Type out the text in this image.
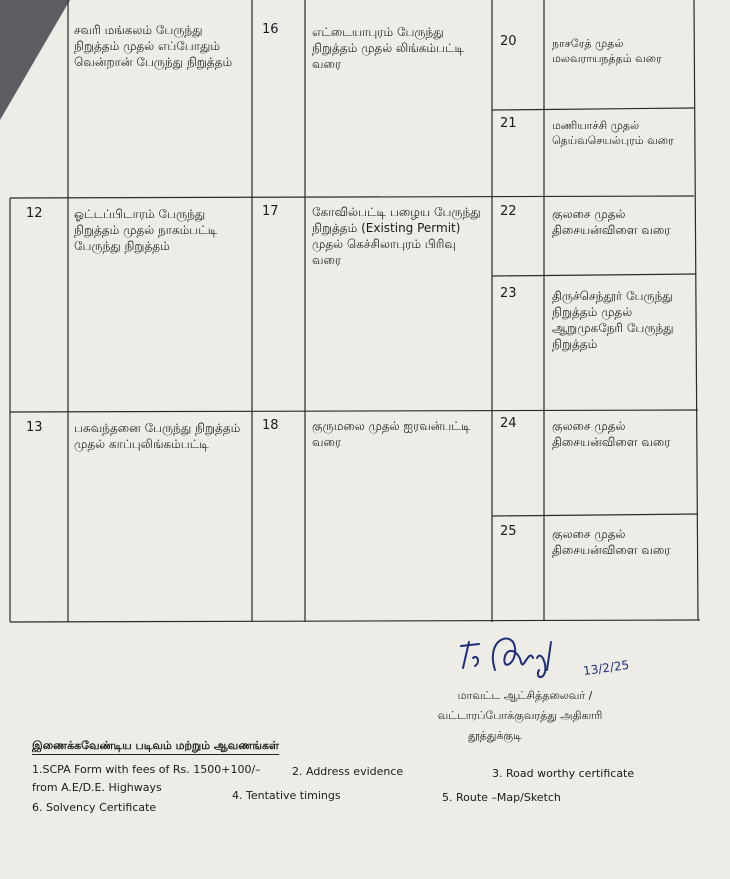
சவரி மங்கலம் பேருந்து நிறுத்தம் முதல் எப்போதும் வென்றான் பேருந்து நிறுத்தம்
16	எட்டையாபுரம் பேருந்து நிறுத்தம் முதல் லிங்கம்பட்டி வரை
20	நாசரேத் முதல் மலவராயநத்தம் வரை
21	மணியாச்சி முதல் தெய்வசெயல்புரம் வரை
12	ஓட்டப்பிடாரம் பேருந்து நிறுத்தம் முதல் நாகம்பட்டி பேருந்து நிறுத்தம்
17	கோவில்பட்டி பழைய பேருந்து நிறுத்தம் (Existing Permit) முதல் கெச்சிலாபுரம் பிரிவு வரை
22	குலசை முதல் திசையன்விளை வரை
23	திருச்செந்தூர் பேருந்து நிறுத்தம் முதல் ஆறுமுகநேரி பேருந்து நிறுத்தம்
13	பசுவந்தனை பேருந்து நிறுத்தம் முதல் காப்புலிங்கம்பட்டி
18	குருமலை முதல் ஐரவன்பட்டி வரை
24	குலசை முதல் திசையன்விளை வரை
25	குலசை முதல் திசையன்விளை வரை
13/2/25
மாவட்ட ஆட்சித்தலைவர் /
வட்டாரப்போக்குவரத்து அதிகாரி
தூத்துக்குடி
இணைக்கவேண்டிய படிவம் மற்றும் ஆவணங்கள்
1.SCPA Form with fees of Rs. 1500+100/–	2. Address evidence	3. Road worthy certificate
from A.E/D.E. Highways
4. Tentative timings	5. Route –Map/Sketch
6. Solvency Certificate
